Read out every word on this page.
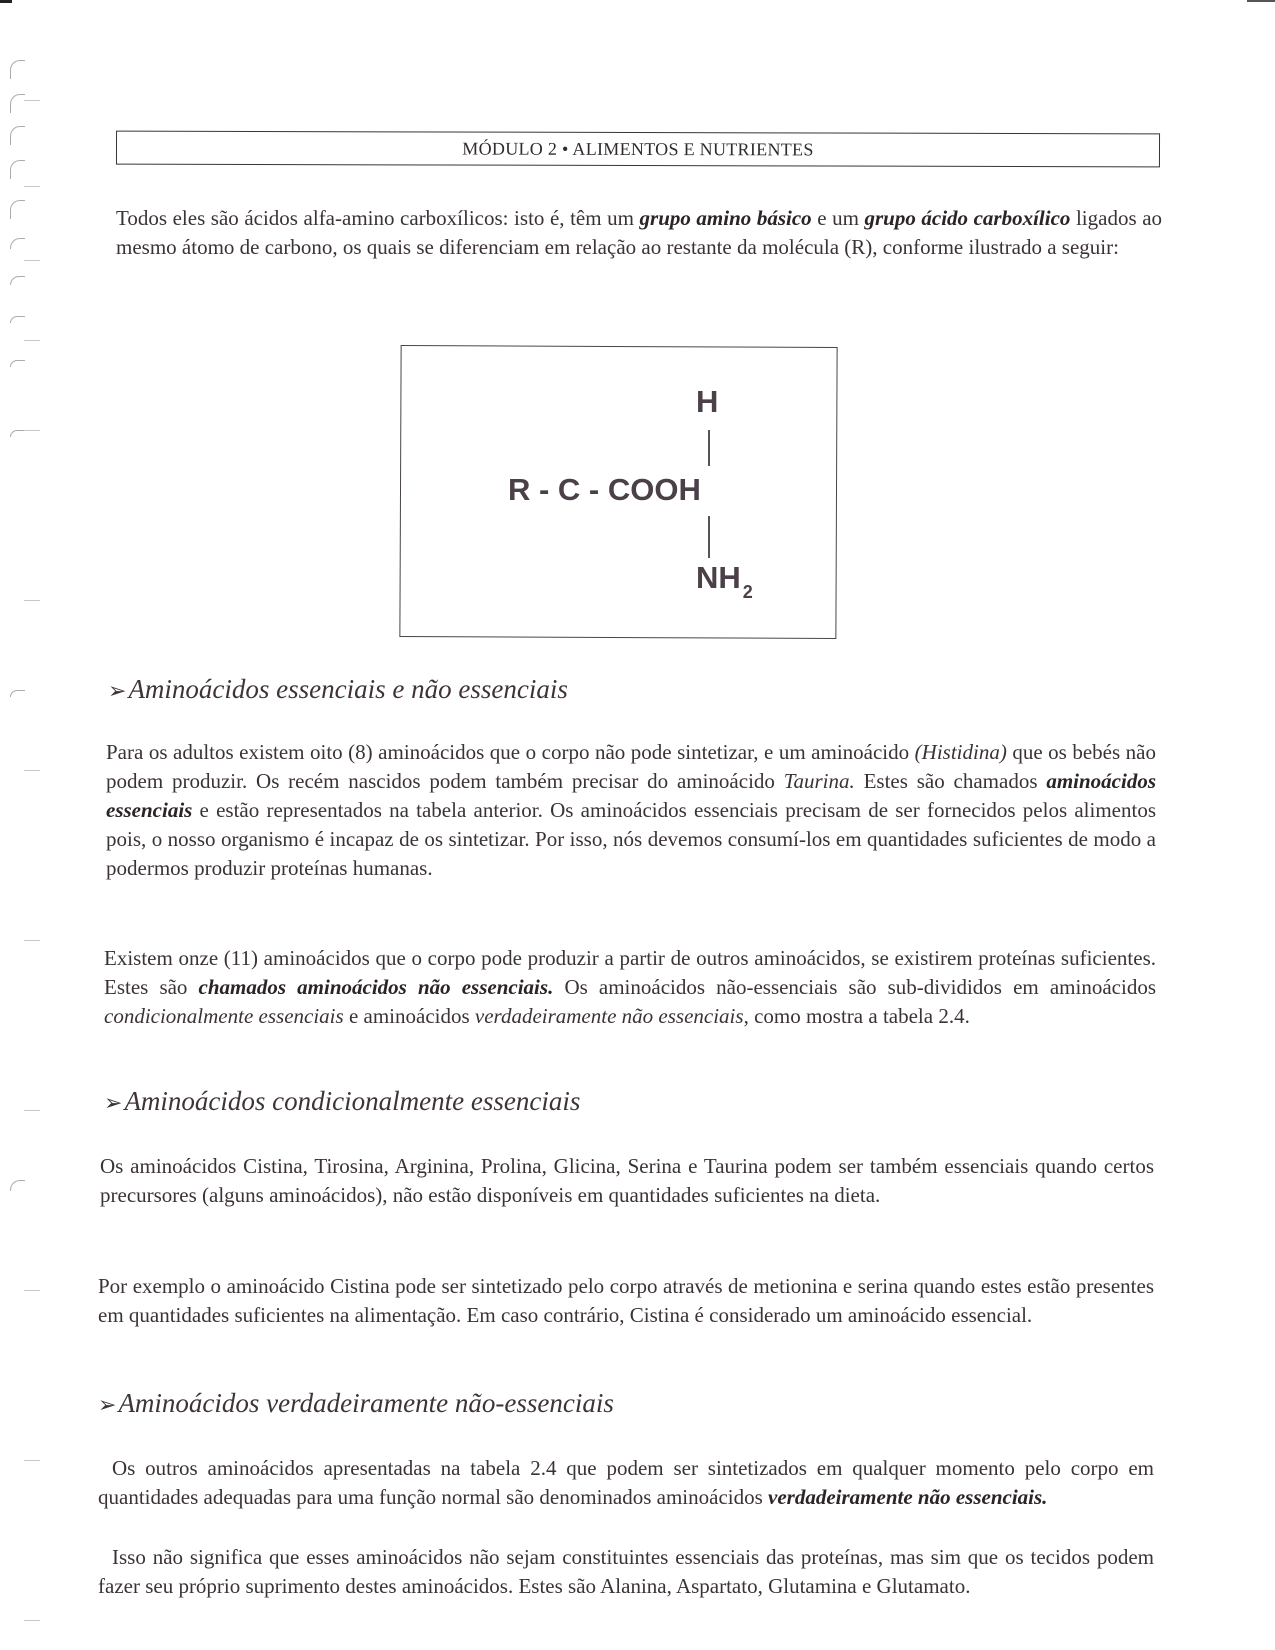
MÓDULO 2 • ALIMENTOS E NUTRIENTES
Todos eles são ácidos alfa-amino carboxílicos: isto é, têm um grupo amino básico e um grupo ácido carboxílico ligados ao mesmo átomo de carbono, os quais se diferenciam em relação ao restante da molécula (R), conforme ilustrado a seguir:
H
R - C - COOH
NH $_2$
➢ Aminoácidos essenciais e não essenciais
Para os adultos existem oito (8) aminoácidos que o corpo não pode sintetizar, e um aminoácido (Histidina) que os bebés não podem produzir. Os recém nascidos podem também precisar do aminoácido Taurina. Estes são chamados aminoácidos essenciais e estão representados na tabela anterior. Os aminoácidos essenciais precisam de ser fornecidos pelos alimentos pois, o nosso organismo é incapaz de os sintetizar. Por isso, nós devemos consumí-los em quantidades suficientes de modo a podermos produzir proteínas humanas.
Existem onze (11) aminoácidos que o corpo pode produzir a partir de outros aminoácidos, se existirem proteínas suficientes. Estes são chamados aminoácidos não essenciais. Os aminoácidos não-essenciais são sub-divididos em aminoácidos condicionalmente essenciais e aminoácidos verdadeiramente não essenciais, como mostra a tabela 2.4.
➢ Aminoácidos condicionalmente essenciais
Os aminoácidos Cistina, Tirosina, Arginina, Prolina, Glicina, Serina e Taurina podem ser também essenciais quando certos precursores (alguns aminoácidos), não estão disponíveis em quantidades suficientes na dieta.
Por exemplo o aminoácido Cistina pode ser sintetizado pelo corpo através de metionina e serina quando estes estão presentes em quantidades suficientes na alimentação. Em caso contrário, Cistina é considerado um aminoácido essencial.
➢ Aminoácidos verdadeiramente não-essenciais
Os outros aminoácidos apresentadas na tabela 2.4 que podem ser sintetizados em qualquer momento pelo corpo em quantidades adequadas para uma função normal são denominados aminoácidos verdadeiramente não essenciais.
Isso não significa que esses aminoácidos não sejam constituintes essenciais das proteínas, mas sim que os tecidos podem fazer seu próprio suprimento destes aminoácidos. Estes são Alanina, Aspartato, Glutamina e Glutamato.
